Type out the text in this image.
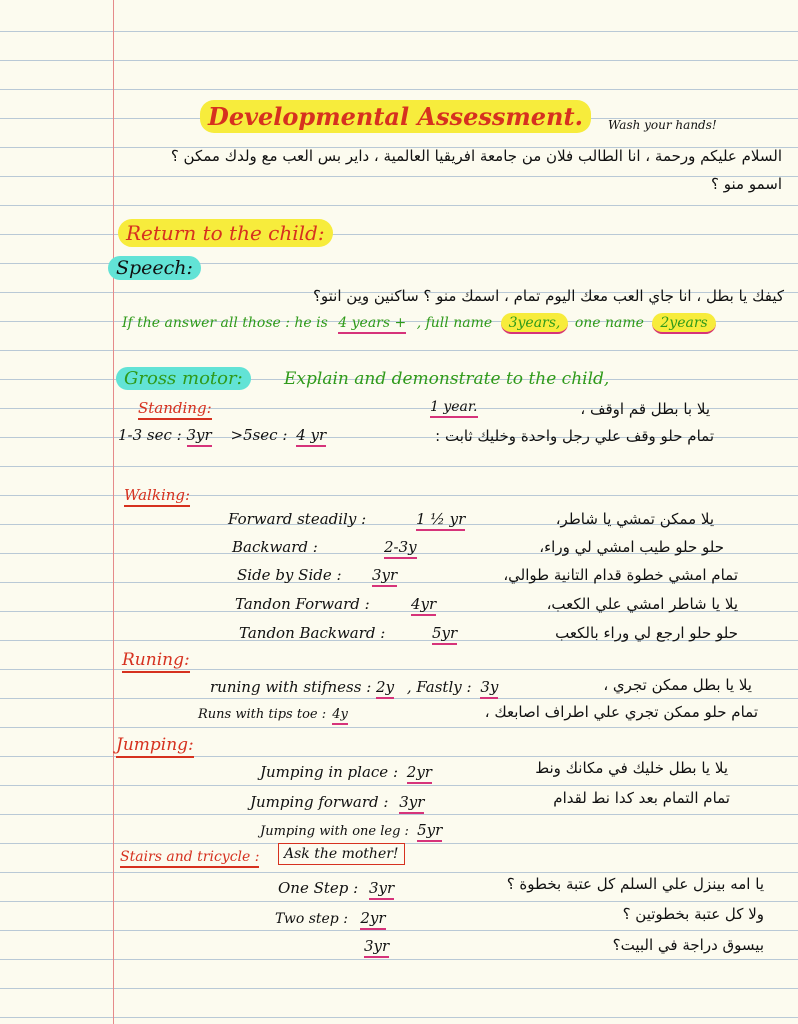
Developmental Assessment.	Wash your hands!
السلام عليكم ورحمة ، انا الطالب فلان من جامعة افريقيا العالمية ، داير بس العب مع ولدك ممكن ؟
اسمو منو ؟
Return to the child:
Speech:
كيفك يا بطل ، انا جاي العب معك اليوم تمام ، اسمك منو ؟ ساكنين وين انتو؟
If the answer all those : he is 4 years + , full name 3years, one name 2years
Gross motor:	Explain and demonstrate to the child,
Standing:	1 year.	يلا با بطل قم اوقف ،
1-3 sec : 3yr >5sec : 4 yr	تمام حلو وقف علي رجل واحدة وخليك ثابت :
Walking:
Forward steadily :	1 ½ yr	يلا ممكن تمشي يا شاطر،
Backward :	2-3y	حلو حلو طيب امشي لي وراء،
Side by Side : 3yr	تمام امشي خطوة قدام التانية طوالي،
Tandon Forward :	4yr	يلا يا شاطر امشي علي الكعب،
Tandon Backward :	5yr	حلو حلو ارجع لي وراء بالكعب
Runing:
runing with stifness : 2y , Fastly : 3y	يلا يا بطل ممكن تجري ،
Runs with tips toe : 4y	تمام حلو ممكن تجري علي اطراف اصابعك ،
Jumping:
Jumping in place : 2yr	يلا يا بطل خليك في مكانك ونط
Jumping forward : 3yr	تمام التمام بعد كدا نط لقدام
Jumping with one leg : 5yr
Stairs and tricycle :	Ask the mother!
One Step : 3yr	يا امه بينزل علي السلم كل عتبة بخطوة ؟
Two step : 2yr	ولا كل عتبة بخطوتين ؟
3yr	بيسوق دراجة في البيت؟
